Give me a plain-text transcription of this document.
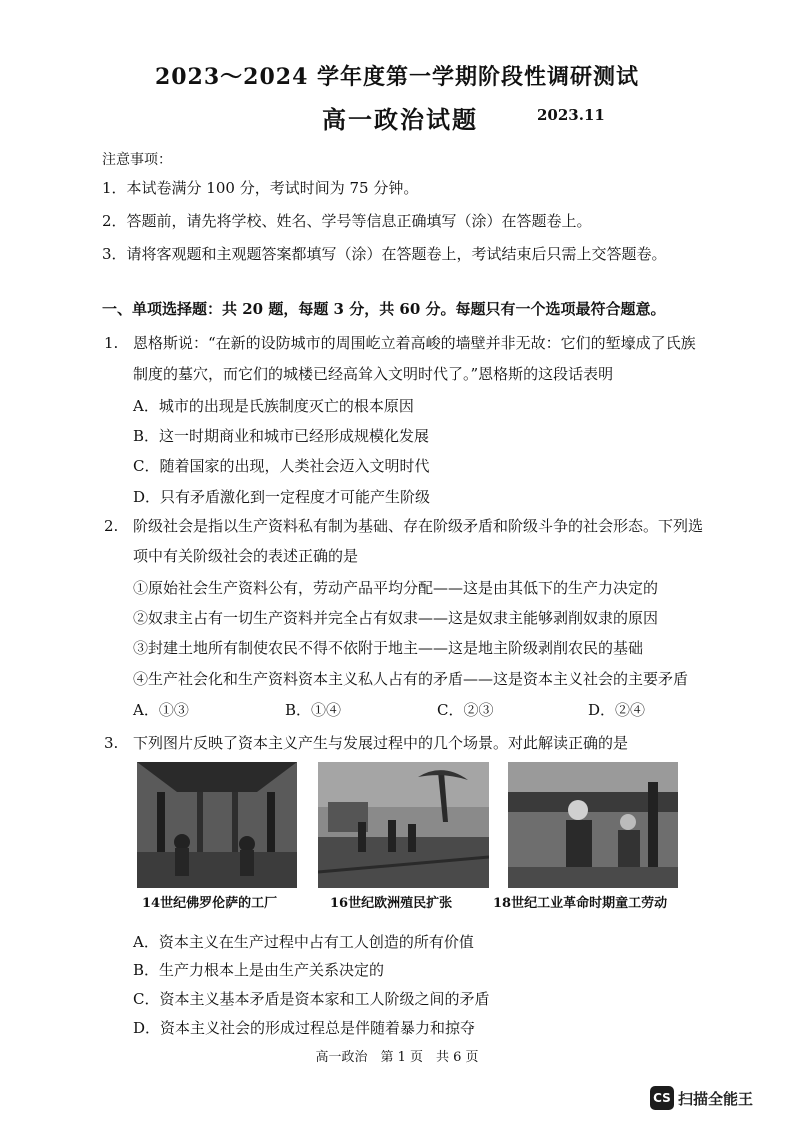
2023～2024 学年度第一学期阶段性调研测试
高一政治试题	2023.11
注意事项：
1．本试卷满分 100 分，考试时间为 75 分钟。
2．答题前，请先将学校、姓名、学号等信息正确填写（涂）在答题卷上。
3．请将客观题和主观题答案都填写（涂）在答题卷上，考试结束后只需上交答题卷。
一、单项选择题：共 20 题，每题 3 分，共 60 分。每题只有一个选项最符合题意。
1. 恩格斯说：“在新的设防城市的周围屹立着高峻的墙壁并非无故：它们的堑壕成了氏族
制度的墓穴，而它们的城楼已经高耸入文明时代了。”恩格斯的这段话表明
A．城市的出现是氏族制度灭亡的根本原因
B．这一时期商业和城市已经形成规模化发展
C．随着国家的出现，人类社会迈入文明时代
D．只有矛盾激化到一定程度才可能产生阶级
2. 阶级社会是指以生产资料私有制为基础、存在阶级矛盾和阶级斗争的社会形态。下列选
项中有关阶级社会的表述正确的是
①原始社会生产资料公有，劳动产品平均分配——这是由其低下的生产力决定的
②奴隶主占有一切生产资料并完全占有奴隶——这是奴隶主能够剥削奴隶的原因
③封建土地所有制使农民不得不依附于地主——这是地主阶级剥削农民的基础
④生产社会化和生产资料资本主义私人占有的矛盾——这是资本主义社会的主要矛盾
A．①③	B．①④	C．②③	D．②④
3. 下列图片反映了资本主义产生与发展过程中的几个场景。对此解读正确的是
14世纪佛罗伦萨的工厂	16世纪欧洲殖民扩张	18世纪工业革命时期童工劳动
A．资本主义在生产过程中占有工人创造的所有价值
B．生产力根本上是由生产关系决定的
C．资本主义基本矛盾是资本家和工人阶级之间的矛盾
D．资本主义社会的形成过程总是伴随着暴力和掠夺
高一政治　第 1 页　共 6 页
CS 扫描全能王
